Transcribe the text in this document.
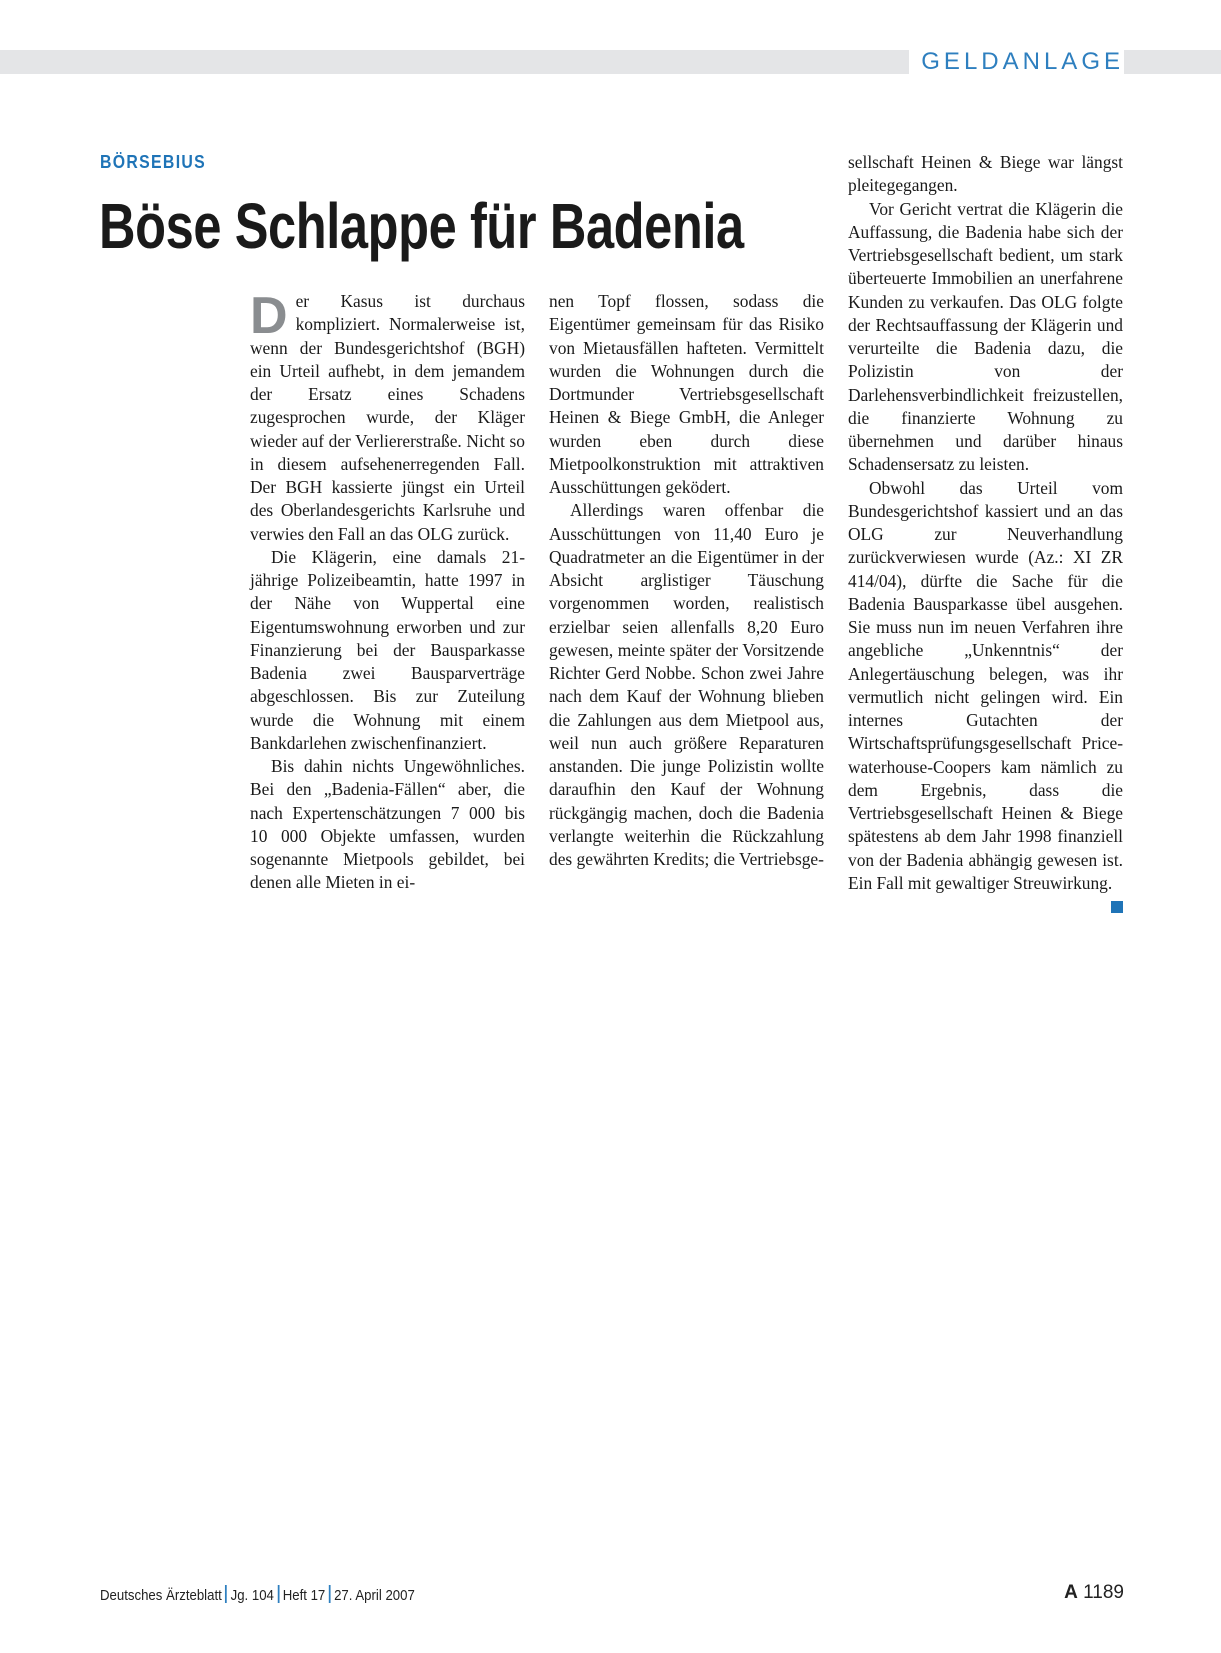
GELDANLAGE
BÖRSEBIUS
Böse Schlappe für Badenia

Der Kasus ist durchaus kompliziert. Normalerweise ist, wenn der Bundesgerichtshof (BGH) ein Urteil aufhebt, in dem jemandem der Ersatz eines Schadens zugesprochen wurde, der Kläger wieder auf der Verliererstraße. Nicht so in diesem aufsehenerregenden Fall. Der BGH kassierte jüngst ein Urteil des Oberlandesgerichts Karlsruhe und verwies den Fall an das OLG zurück.

Die Klägerin, eine damals 21-jährige Polizeibeamtin, hatte 1997 in der Nähe von Wuppertal eine Eigentumswohnung erworben und zur Finanzierung bei der Bausparkasse Badenia zwei Bausparverträge abgeschlossen. Bis zur Zuteilung wurde die Wohnung mit einem Bankdarlehen zwischenfinanziert.

Bis dahin nichts Ungewöhnliches. Bei den „Badenia-Fällen“ aber, die nach Expertenschätzungen 7 000 bis 10 000 Objekte umfassen, wurden sogenannte Mietpools gebildet, bei denen alle Mieten in ei-

nen Topf flossen, sodass die Eigentümer gemeinsam für das Risiko von Mietausfällen hafteten. Vermittelt wurden die Wohnungen durch die Dortmunder Vertriebsgesellschaft Heinen & Biege GmbH, die Anleger wurden eben durch diese Mietpoolkonstruktion mit attraktiven Ausschüttungen geködert.

Allerdings waren offenbar die Ausschüttungen von 11,40 Euro je Quadratmeter an die Eigentümer in der Absicht arglistiger Täuschung vorgenommen worden, realistisch erzielbar seien allenfalls 8,20 Euro gewesen, meinte später der Vorsitzende Richter Gerd Nobbe. Schon zwei Jahre nach dem Kauf der Wohnung blieben die Zahlungen aus dem Mietpool aus, weil nun auch größere Reparaturen anstanden. Die junge Polizistin wollte daraufhin den Kauf der Wohnung rückgängig machen, doch die Badenia verlangte weiterhin die Rückzahlung des gewährten Kredits; die Vertriebsge-

sellschaft Heinen & Biege war längst pleitegegangen.

Vor Gericht vertrat die Klägerin die Auffassung, die Badenia habe sich der Vertriebsgesellschaft bedient, um stark überteuerte Immobilien an unerfahrene Kunden zu verkaufen. Das OLG folgte der Rechtsauffassung der Klägerin und verurteilte die Badenia dazu, die Polizistin von der Darlehensverbindlichkeit freizustellen, die finanzierte Wohnung zu übernehmen und darüber hinaus Schadensersatz zu leisten.

Obwohl das Urteil vom Bundesgerichtshof kassiert und an das OLG zur Neuverhandlung zurückverwiesen wurde (Az.: XI ZR 414/04), dürfte die Sache für die Badenia Bausparkasse übel ausgehen. Sie muss nun im neuen Verfahren ihre angebliche „Unkenntnis“ der Anlegertäuschung belegen, was ihr vermutlich nicht gelingen wird. Ein internes Gutachten der Wirtschaftsprüfungsgesellschaft Price-waterhouse-Coopers kam nämlich zu dem Ergebnis, dass die Vertriebsgesellschaft Heinen & Biege spätestens ab dem Jahr 1998 finanziell von der Badenia abhängig gewesen ist. Ein Fall mit gewaltiger Streuwirkung.

Deutsches Ärzteblatt Jg. 104 Heft 17 27. April 2007	A 1189
